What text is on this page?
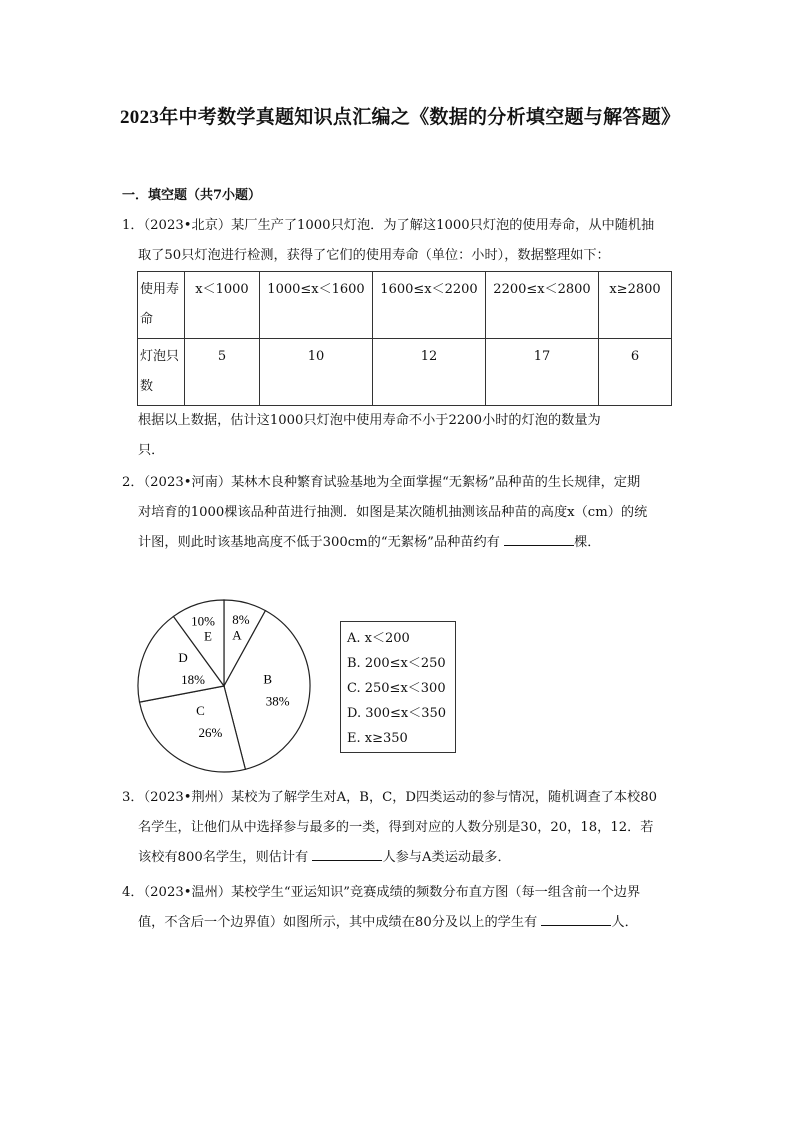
2023年中考数学真题知识点汇编之《数据的分析填空题与解答题》
一．填空题（共7小题）
1．（2023•北京）某厂生产了1000只灯泡．为了解这1000只灯泡的使用寿命，从中随机抽
取了50只灯泡进行检测，获得了它们的使用寿命（单位：小时），数据整理如下：
使用寿命	x＜1000	1000≤x＜1600	1600≤x＜2200	2200≤x＜2800	x≥2800
灯泡只数	5	10	12	17	6
根据以上数据，估计这1000只灯泡中使用寿命不小于2200小时的灯泡的数量为
只．
2．（2023•河南）某林木良种繁育试验基地为全面掌握“无絮杨”品种苗的生长规律，定期
对培育的1000棵该品种苗进行抽测．如图是某次随机抽测该品种苗的高度x（cm）的统
计图，则此时该基地高度不低于300cm的“无絮杨”品种苗约有	棵．
A
8%
B
38%
C
26%
D
18%
E
10%
A. x＜200
B. 200≤x＜250
C. 250≤x＜300
D. 300≤x＜350
E. x≥350
3．（2023•荆州）某校为了解学生对A，B，C，D四类运动的参与情况，随机调查了本校80
名学生，让他们从中选择参与最多的一类，得到对应的人数分别是30，20，18，12．若
该校有800名学生，则估计有	人参与A类运动最多．
4．（2023•温州）某校学生“亚运知识”竞赛成绩的频数分布直方图（每一组含前一个边界
值，不含后一个边界值）如图所示，其中成绩在80分及以上的学生有	人．
